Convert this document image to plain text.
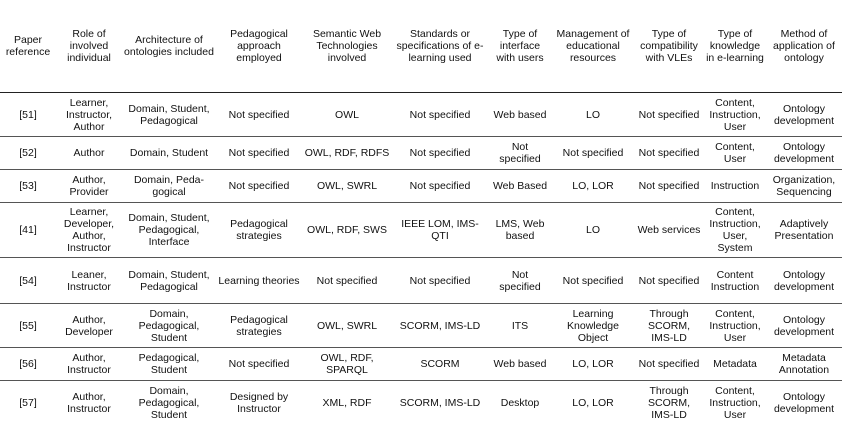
Paper reference	Role of involved individual	Architecture of ontologies included	Pedagogical approach employed	Semantic Web Technologies involved	Standards or specifications of e-learning used	Type of interface with users	Management of educational resources	Type of compatibility with VLEs	Type of knowledge in e-learning	Method of application of ontology
[51]	Learner, Instructor, Author	Domain, Student, Pedagogical	Not specified	OWL	Not specified	Web based	LO	Not specified	Content, Instruction, User	Ontology development
[52]	Author	Domain, Student	Not specified	OWL, RDF, RDFS	Not specified	Not specified	Not specified	Not specified	Content, User	Ontology development
[53]	Author, Provider	Domain, Peda-gogical	Not specified	OWL, SWRL	Not specified	Web Based	LO, LOR	Not specified	Instruction	Organization, Sequencing
[41]	Learner, Developer, Author, Instructor	Domain, Student, Pedagogical, Interface	Pedagogical strategies	OWL, RDF, SWS	IEEE LOM, IMS-QTI	LMS, Web based	LO	Web services	Content, Instruction, User, System	Adaptively Presentation
[54]	Leaner, Instructor	Domain, Student, Pedagogical	Learning theories	Not specified	Not specified	Not specified	Not specified	Not specified	Content Instruction	Ontology development
[55]	Author, Developer	Domain, Pedagogical, Student	Pedagogical strategies	OWL, SWRL	SCORM, IMS-LD	ITS	Learning Knowledge Object	Through SCORM, IMS-LD	Content, Instruction, User	Ontology development
[56]	Author, Instructor	Pedagogical, Student	Not specified	OWL, RDF, SPARQL	SCORM	Web based	LO, LOR	Not specified	Metadata	Metadata Annotation
[57]	Author, Instructor	Domain, Pedagogical, Student	Designed by Instructor	XML, RDF	SCORM, IMS-LD	Desktop	LO, LOR	Through SCORM, IMS-LD	Content, Instruction, User	Ontology development
